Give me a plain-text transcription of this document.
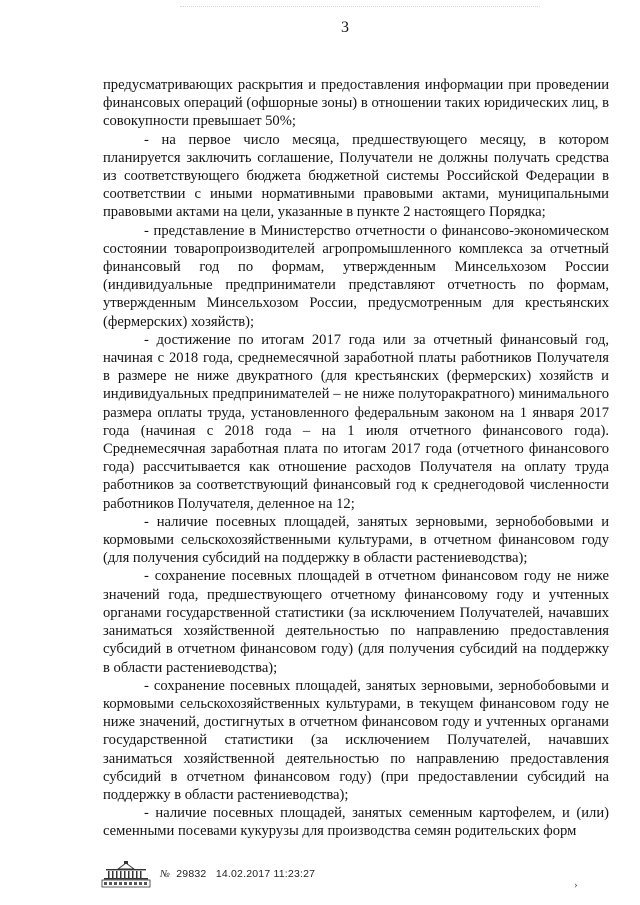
3

предусматривающих раскрытия и предоставления информации при проведении финансовых операций (офшорные зоны) в отношении таких юридических лиц, в совокупности превышает 50%;

- на первое число месяца, предшествующего месяцу, в котором планируется заключить соглашение, Получатели не должны получать средства из соответствующего бюджета бюджетной системы Российской Федерации в соответствии с иными нормативными правовыми актами, муниципальными правовыми актами на цели, указанные в пункте 2 настоящего Порядка;

- представление в Министерство отчетности о финансово-экономическом состоянии товаропроизводителей агропромышленного комплекса за отчетный финансовый год по формам, утвержденным Минсельхозом России (индивидуальные предприниматели представляют отчетность по формам, утвержденным Минсельхозом России, предусмотренным для крестьянских (фермерских) хозяйств);

- достижение по итогам 2017 года или за отчетный финансовый год, начиная с 2018 года, среднемесячной заработной платы работников Получателя в размере не ниже двукратного (для крестьянских (фермерских) хозяйств и индивидуальных предпринимателей – не ниже полуторакратного) минимального размера оплаты труда, установленного федеральным законом на 1 января 2017 года (начиная с 2018 года – на 1 июля отчетного финансового года). Среднемесячная заработная плата по итогам 2017 года (отчетного финансового года) рассчитывается как отношение расходов Получателя на оплату труда работников за соответствующий финансовый год к среднегодовой численности работников Получателя, деленное на 12;

- наличие посевных площадей, занятых зерновыми, зернобобовыми и кормовыми сельскохозяйственными культурами, в отчетном финансовом году (для получения субсидий на поддержку в области растениеводства);

- сохранение посевных площадей в отчетном финансовом году не ниже значений года, предшествующего отчетному финансовому году и учтенных органами государственной статистики (за исключением Получателей, начавших заниматься хозяйственной деятельностью по направлению предоставления субсидий в отчетном финансовом году) (для получения субсидий на поддержку в области растениеводства);

- сохранение посевных площадей, занятых зерновыми, зернобобовыми и кормовыми сельскохозяйственных культурами, в текущем финансовом году не ниже значений, достигнутых в отчетном финансовом году и учтенных органами государственной статистики (за исключением Получателей, начавших заниматься хозяйственной деятельностью по направлению предоставления субсидий в отчетном финансовом году) (при предоставлении субсидий на поддержку в области растениеводства);

- наличие посевных площадей, занятых семенным картофелем, и (или) семенными посевами кукурузы для производства семян родительских форм

№ 29832 14.02.2017 11:23:27
›
